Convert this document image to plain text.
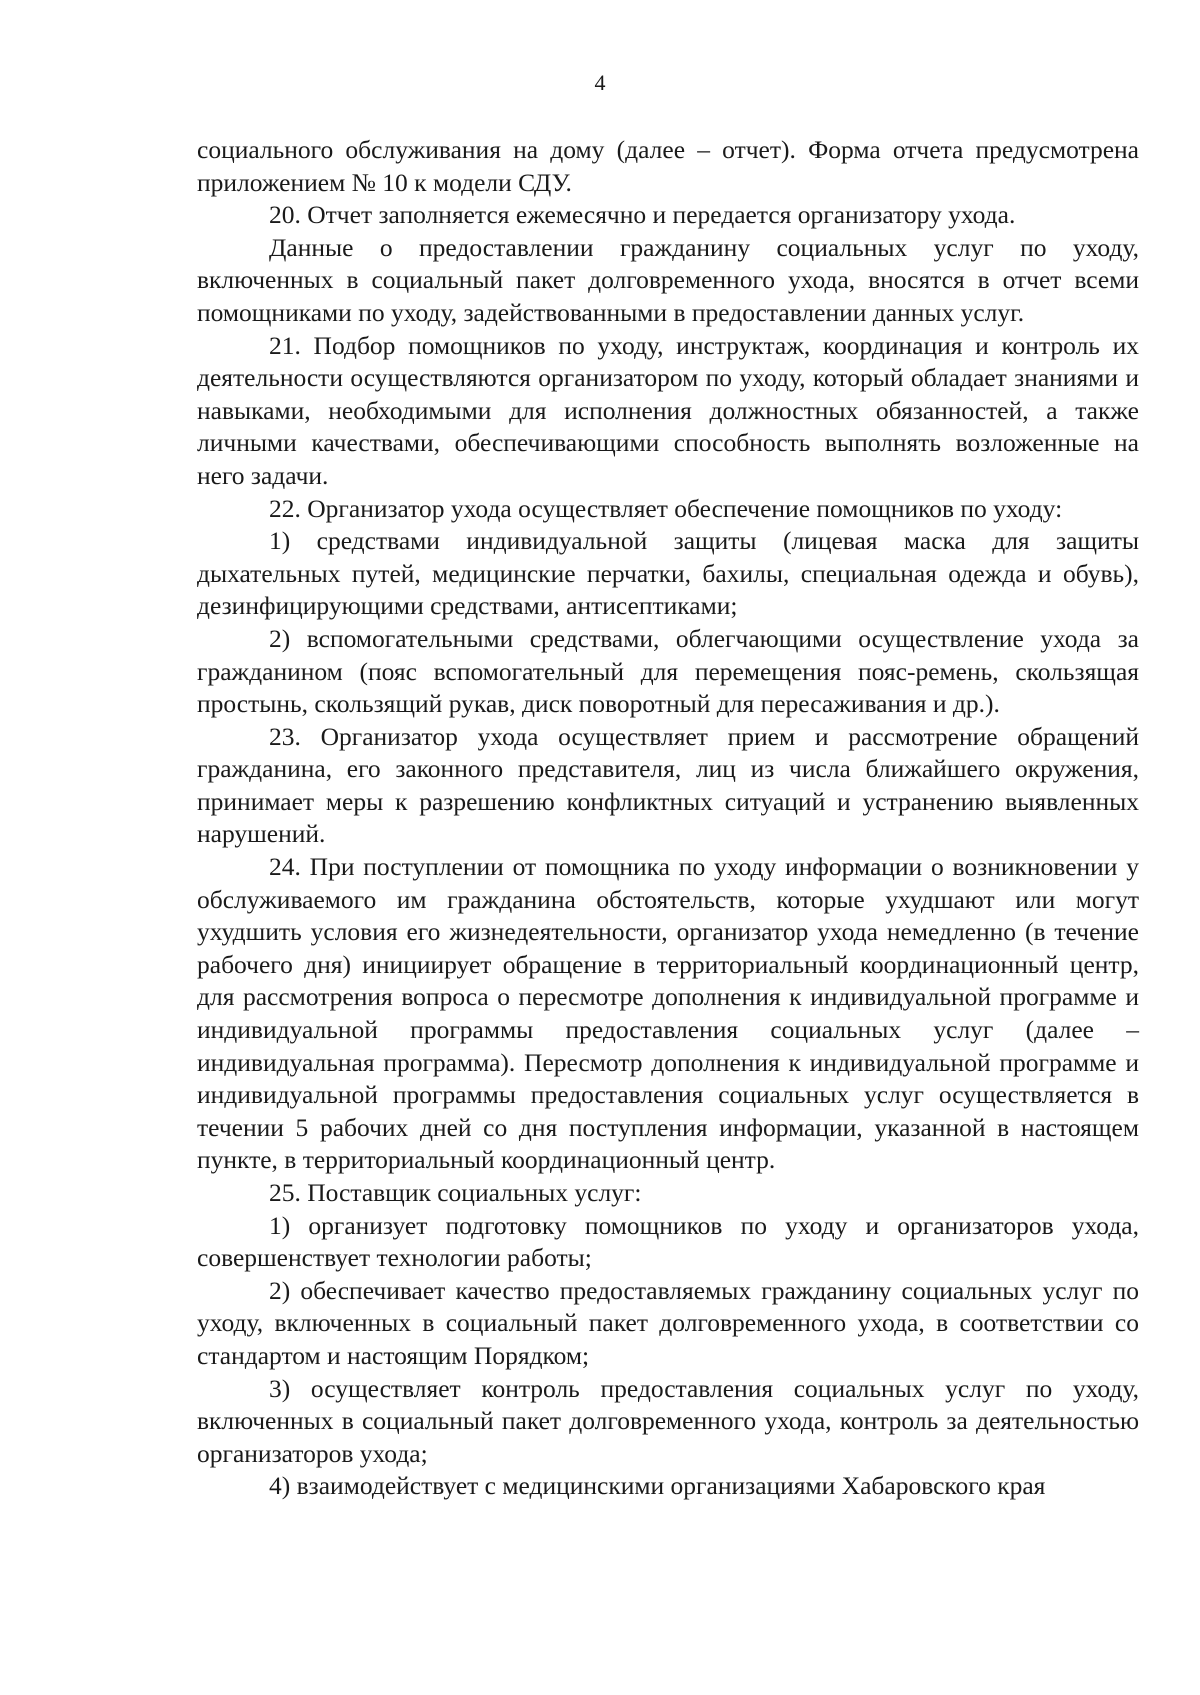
4

социального обслуживания на дому (далее – отчет). Форма отчета предусмотрена приложением № 10 к модели СДУ.

20. Отчет заполняется ежемесячно и передается организатору ухода.

Данные о предоставлении гражданину социальных услуг по уходу, включенных в социальный пакет долговременного ухода, вносятся в отчет всеми помощниками по уходу, задействованными в предоставлении данных услуг.

21. Подбор помощников по уходу, инструктаж, координация и контроль их деятельности осуществляются организатором по уходу, который обладает знаниями и навыками, необходимыми для исполнения должностных обязанностей, а также личными качествами, обеспечивающими способность выполнять возложенные на него задачи.

22. Организатор ухода осуществляет обеспечение помощников по уходу:

1) средствами индивидуальной защиты (лицевая маска для защиты дыхательных путей, медицинские перчатки, бахилы, специальная одежда и обувь), дезинфицирующими средствами, антисептиками;

2) вспомогательными средствами, облегчающими осуществление ухода за гражданином (пояс вспомогательный для перемещения пояс-ремень, скользящая простынь, скользящий рукав, диск поворотный для пересаживания и др.).

23. Организатор ухода осуществляет прием и рассмотрение обращений гражданина, его законного представителя, лиц из числа ближайшего окружения, принимает меры к разрешению конфликтных ситуаций и устранению выявленных нарушений.

24. При поступлении от помощника по уходу информации о возникновении у обслуживаемого им гражданина обстоятельств, которые ухудшают или могут ухудшить условия его жизнедеятельности, организатор ухода немедленно (в течение рабочего дня) инициирует обращение в территориальный координационный центр, для рассмотрения вопроса о пересмотре дополнения к индивидуальной программе и индивидуальной программы предоставления социальных услуг (далее – индивидуальная программа). Пересмотр дополнения к индивидуальной программе и индивидуальной программы предоставления социальных услуг осуществляется в течении 5 рабочих дней со дня поступления информации, указанной в настоящем пункте, в территориальный координационный центр.

25. Поставщик социальных услуг:

1) организует подготовку помощников по уходу и организаторов ухода, совершенствует технологии работы;

2) обеспечивает качество предоставляемых гражданину социальных услуг по уходу, включенных в социальный пакет долговременного ухода, в соответствии со стандартом и настоящим Порядком;

3) осуществляет контроль предоставления социальных услуг по уходу, включенных в социальный пакет долговременного ухода, контроль за деятельностью организаторов ухода;

4) взаимодействует с медицинскими организациями Хабаровского края
